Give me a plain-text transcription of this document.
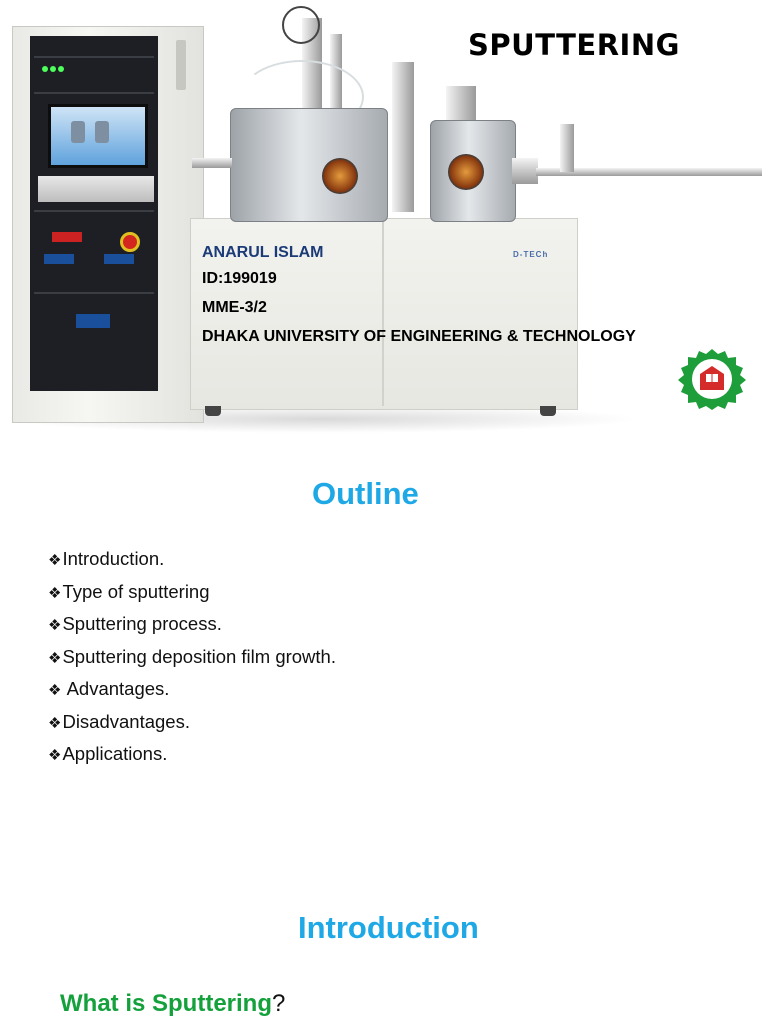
D-TECh
SPUTTERING
ANARUL ISLAM
ID:199019
MME-3/2
DHAKA UNIVERSITY OF ENGINEERING & TECHNOLOGY
Outline
❖Introduction.
❖Type of sputtering
❖Sputtering process.
❖Sputtering deposition film growth.
❖ Advantages.
❖Disadvantages.
❖Applications.
Introduction
What is Sputtering?
